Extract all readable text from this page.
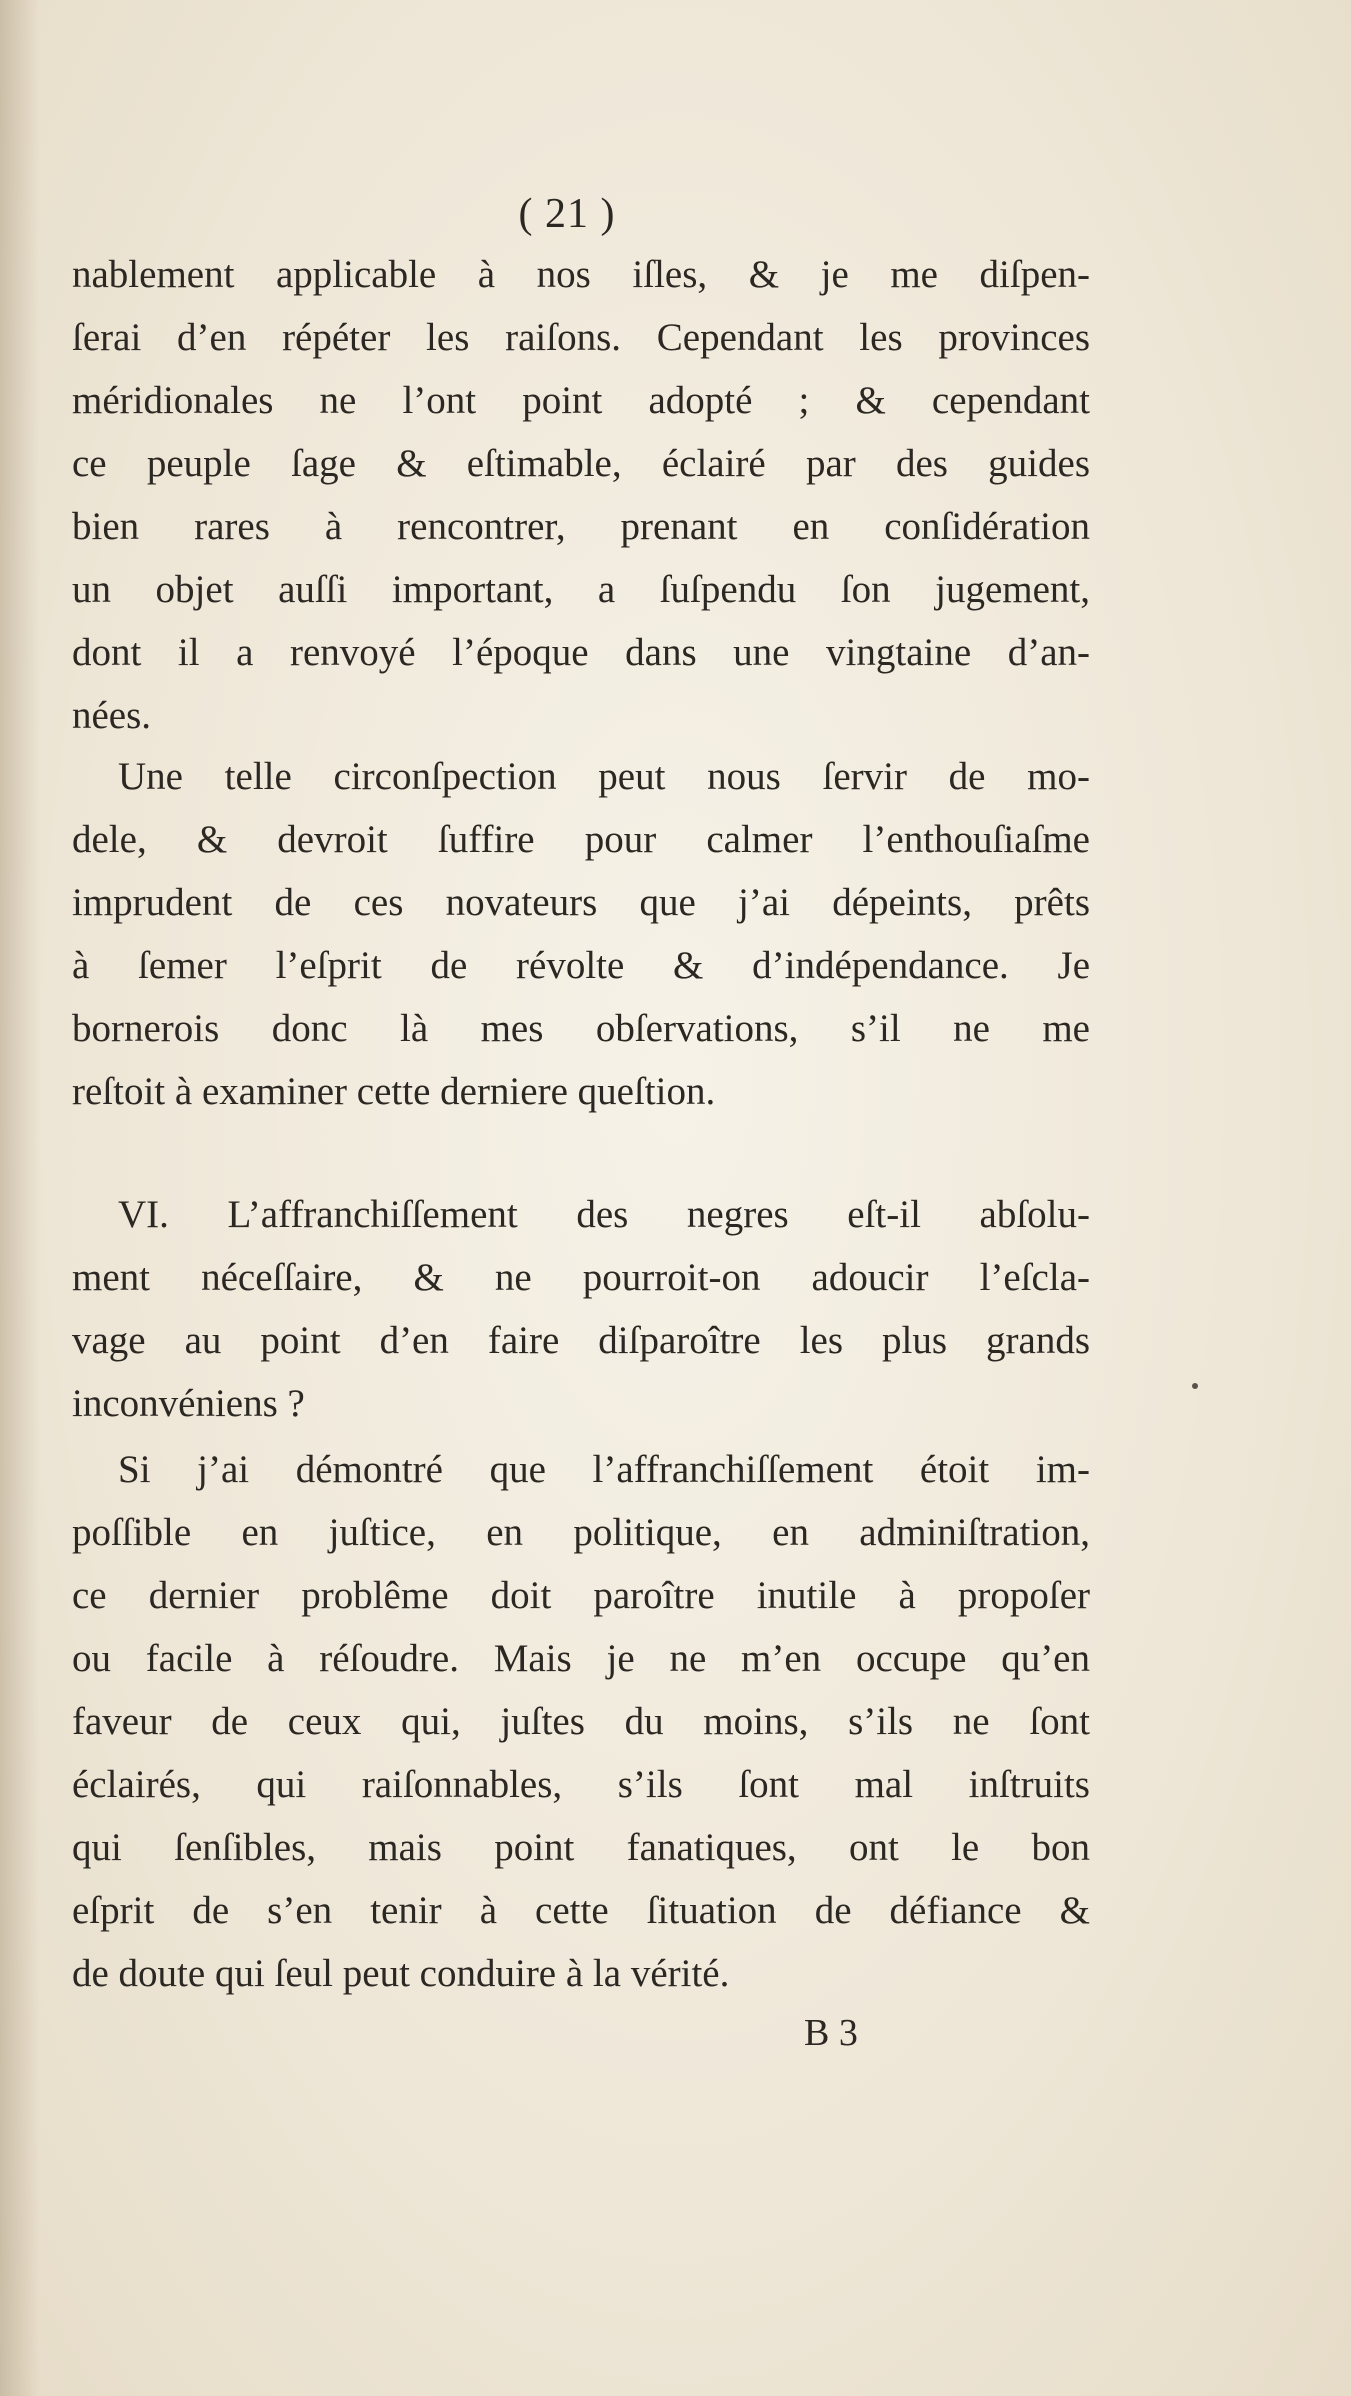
( 21 )
nablement applicable à nos iſles, & je me diſpen-
ſerai d’en répéter les raiſons. Cependant les provinces
méridionales ne l’ont point adopté ; & cependant
ce peuple ſage & eſtimable, éclairé par des guides
bien rares à rencontrer, prenant en conſidération
un objet auſſi important, a ſuſpendu ſon jugement,
dont il a renvoyé l’époque dans une vingtaine d’an-
nées.
Une telle circonſpection peut nous ſervir de mo-
dele, & devroit ſuffire pour calmer l’enthouſiaſme
imprudent de ces novateurs que j’ai dépeints, prêts
à ſemer l’eſprit de révolte & d’indépendance. Je
bornerois donc là mes obſervations, s’il ne me
reſtoit à examiner cette derniere queſtion.
VI. L’affranchiſſement des negres eſt-il abſolu-
ment néceſſaire, & ne pourroit-on adoucir l’eſcla-
vage au point d’en faire diſparoître les plus grands
inconvéniens ?
Si j’ai démontré que l’affranchiſſement étoit im-
poſſible en juſtice, en politique, en adminiſtration,
ce dernier problême doit paroître inutile à propoſer
ou facile à réſoudre. Mais je ne m’en occupe qu’en
faveur de ceux qui, juſtes du moins, s’ils ne ſont
éclairés, qui raiſonnables, s’ils ſont mal inſtruits
qui ſenſibles, mais point fanatiques, ont le bon
eſprit de s’en tenir à cette ſituation de défiance &
de doute qui ſeul peut conduire à la vérité.
B 3
